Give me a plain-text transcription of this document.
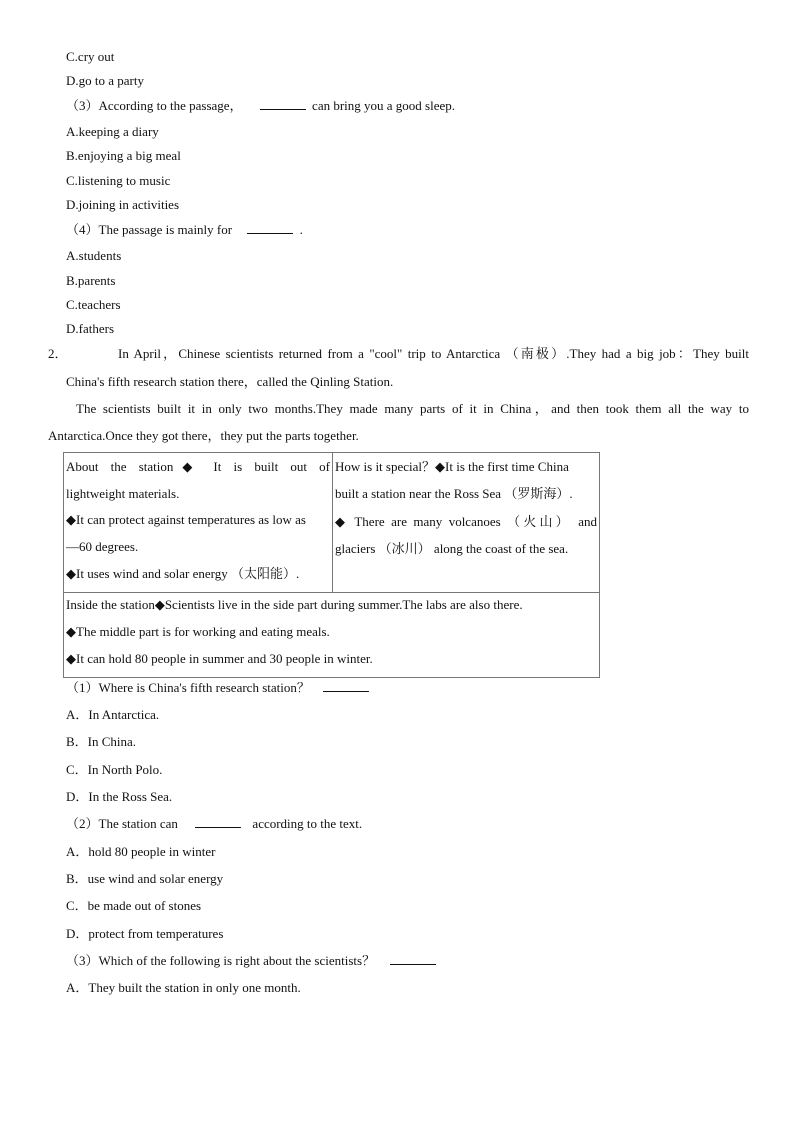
C.cry out
D.go to a party
（3）According to the passage，	can bring you a good sleep.
A.keeping a diary
B.enjoying a big meal
C.listening to music
D.joining in activities
（4）The passage is mainly for	.
A.students
B.parents
C.teachers
D.fathers
2．	In April，Chinese scientists returned from a "cool" trip to Antarctica （南极）.They had a big job：They built
China's fifth research station there，called the Qinling Station.
The scientists built it in only two months.They made many parts of it in China，and then took them all the way to
Antarctica.Once they got there，they put the parts together.
About the station◆ It is built out of
lightweight materials.
◆It can protect against temperatures as low as
—60 degrees.
◆It uses wind and solar energy （太阳能）.
How is it special？◆It is the first time China
built a station near the Ross Sea （罗斯海）.
◆ There are many volcanoes （火山） and
glaciers （冰川） along the coast of the sea.
Inside the station◆Scientists live in the side part during summer.The labs are also there.
◆The middle part is for working and eating meals.
◆It can hold 80 people in summer and 30 people in winter.
（1）Where is China's fifth research station？
A．In Antarctica.
B．In China.
C．In North Polo.
D．In the Ross Sea.
（2）The station can	according to the text.
A．hold 80 people in winter
B．use wind and solar energy
C．be made out of stones
D．protect from temperatures
（3）Which of the following is right about the scientists？
A．They built the station in only one month.
